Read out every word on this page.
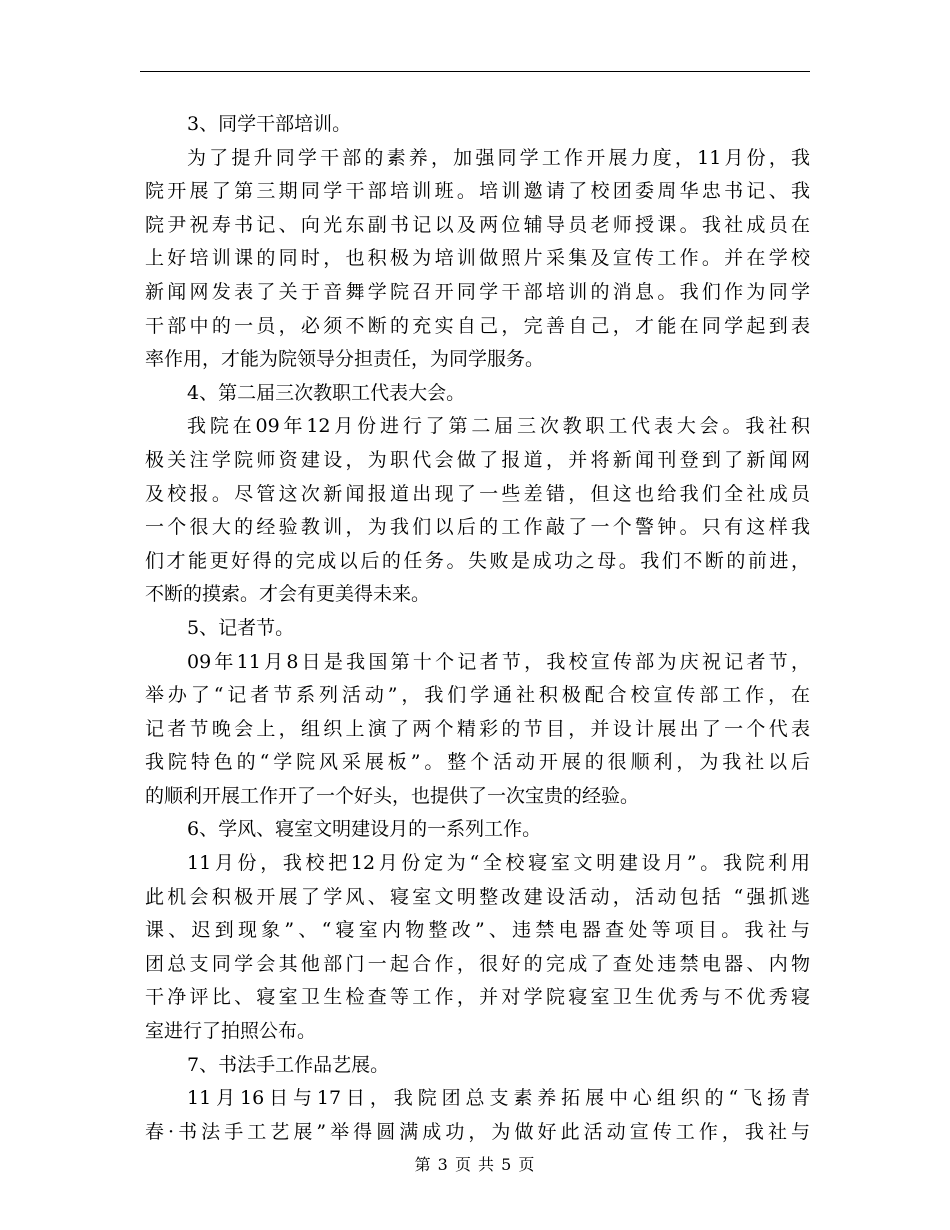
3、同学干部培训。
为了提升同学干部的素养，加强同学工作开展力度，11月份，我
院开展了第三期同学干部培训班。培训邀请了校团委周华忠书记、我
院尹祝寿书记、向光东副书记以及两位辅导员老师授课。我社成员在
上好培训课的同时，也积极为培训做照片采集及宣传工作。并在学校
新闻网发表了关于音舞学院召开同学干部培训的消息。我们作为同学
干部中的一员，必须不断的充实自己，完善自己，才能在同学起到表
率作用，才能为院领导分担责任，为同学服务。
4、第二届三次教职工代表大会。
我院在09年12月份进行了第二届三次教职工代表大会。我社积
极关注学院师资建设，为职代会做了报道，并将新闻刊登到了新闻网
及校报。尽管这次新闻报道出现了一些差错，但这也给我们全社成员
一个很大的经验教训，为我们以后的工作敲了一个警钟。只有这样我
们才能更好得的完成以后的任务。失败是成功之母。我们不断的前进，
不断的摸索。才会有更美得未来。
5、记者节。
09年11月8日是我国第十个记者节，我校宣传部为庆祝记者节，
举办了“记者节系列活动”，我们学通社积极配合校宣传部工作，在
记者节晚会上，组织上演了两个精彩的节目，并设计展出了一个代表
我院特色的“学院风采展板”。整个活动开展的很顺利，为我社以后
的顺利开展工作开了一个好头，也提供了一次宝贵的经验。
6、学风、寝室文明建设月的一系列工作。
11月份，我校把12月份定为“全校寝室文明建设月”。我院利用
此机会积极开展了学风、寝室文明整改建设活动，活动包括 “强抓逃
课、迟到现象”、“寝室内物整改”、违禁电器查处等项目。我社与
团总支同学会其他部门一起合作，很好的完成了查处违禁电器、内物
干净评比、寝室卫生检查等工作，并对学院寝室卫生优秀与不优秀寝
室进行了拍照公布。
7、书法手工作品艺展。
11月16日与17日，我院团总支素养拓展中心组织的“飞扬青
春·书法手工艺展”举得圆满成功，为做好此活动宣传工作，我社与
第 3 页 共 5 页
